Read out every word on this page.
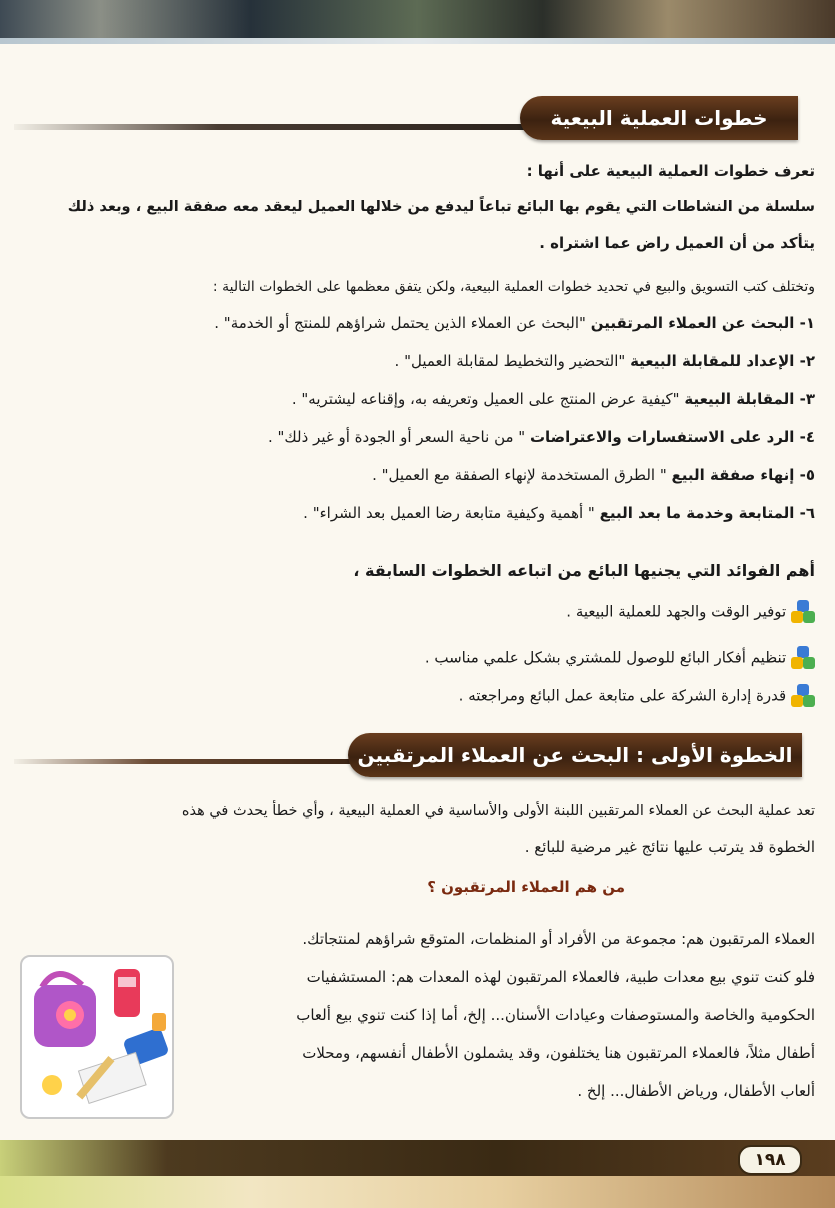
خطوات العملية البيعية
تعرف خطوات العملية البيعية على أنها :
سلسلة من النشاطات التي يقوم بها البائع تباعاً ليدفع من خلالها العميل ليعقد معه صفقة البيع ، وبعد ذلك
يتأكد من أن العميل راض عما اشتراه .
وتختلف كتب التسويق والبيع في تحديد خطوات العملية البيعية، ولكن يتفق معظمها على الخطوات التالية :
١- البحث عن العملاء المرتقبين "البحث عن العملاء الذين يحتمل شراؤهم للمنتج أو الخدمة" .
٢- الإعداد للمقابلة البيعية "التحضير والتخطيط لمقابلة العميل" .
٣- المقابلة البيعية "كيفية عرض المنتج على العميل وتعريفه به، وإقناعه ليشتريه" .
٤- الرد على الاستفسارات والاعتراضات " من ناحية السعر أو الجودة أو غير ذلك" .
٥- إنهاء صفقة البيع " الطرق المستخدمة لإنهاء الصفقة مع العميل" .
٦- المتابعة وخدمة ما بعد البيع " أهمية وكيفية متابعة رضا العميل بعد الشراء" .
أهم الفوائد التي يجنيها البائع من اتباعه الخطوات السابقة ،
توفير الوقت والجهد للعملية البيعية .
تنظيم أفكار البائع للوصول للمشتري بشكل علمي مناسب .
قدرة إدارة الشركة على متابعة عمل البائع ومراجعته .
الخطوة الأولى : البحث عن العملاء المرتقبين
تعد عملية البحث عن العملاء المرتقبين اللبنة الأولى والأساسية في العملية البيعية ، وأي خطأ يحدث في هذه
الخطوة قد يترتب عليها نتائج غير مرضية للبائع .
من هم العملاء المرتقبون ؟
العملاء المرتقبون هم: مجموعة من الأفراد أو المنظمات، المتوقع شراؤهم لمنتجاتك.
فلو كنت تنوي بيع معدات طبية، فالعملاء المرتقبون لهذه المعدات هم: المستشفيات
الحكومية والخاصة والمستوصفات وعيادات الأسنان... إلخ، أما إذا كنت تنوي بيع ألعاب
أطفال مثلاً، فالعملاء المرتقبون هنا يختلفون، وقد يشملون الأطفال أنفسهم، ومحلات
ألعاب الأطفال، ورياض الأطفال... إلخ .
١٩٨
